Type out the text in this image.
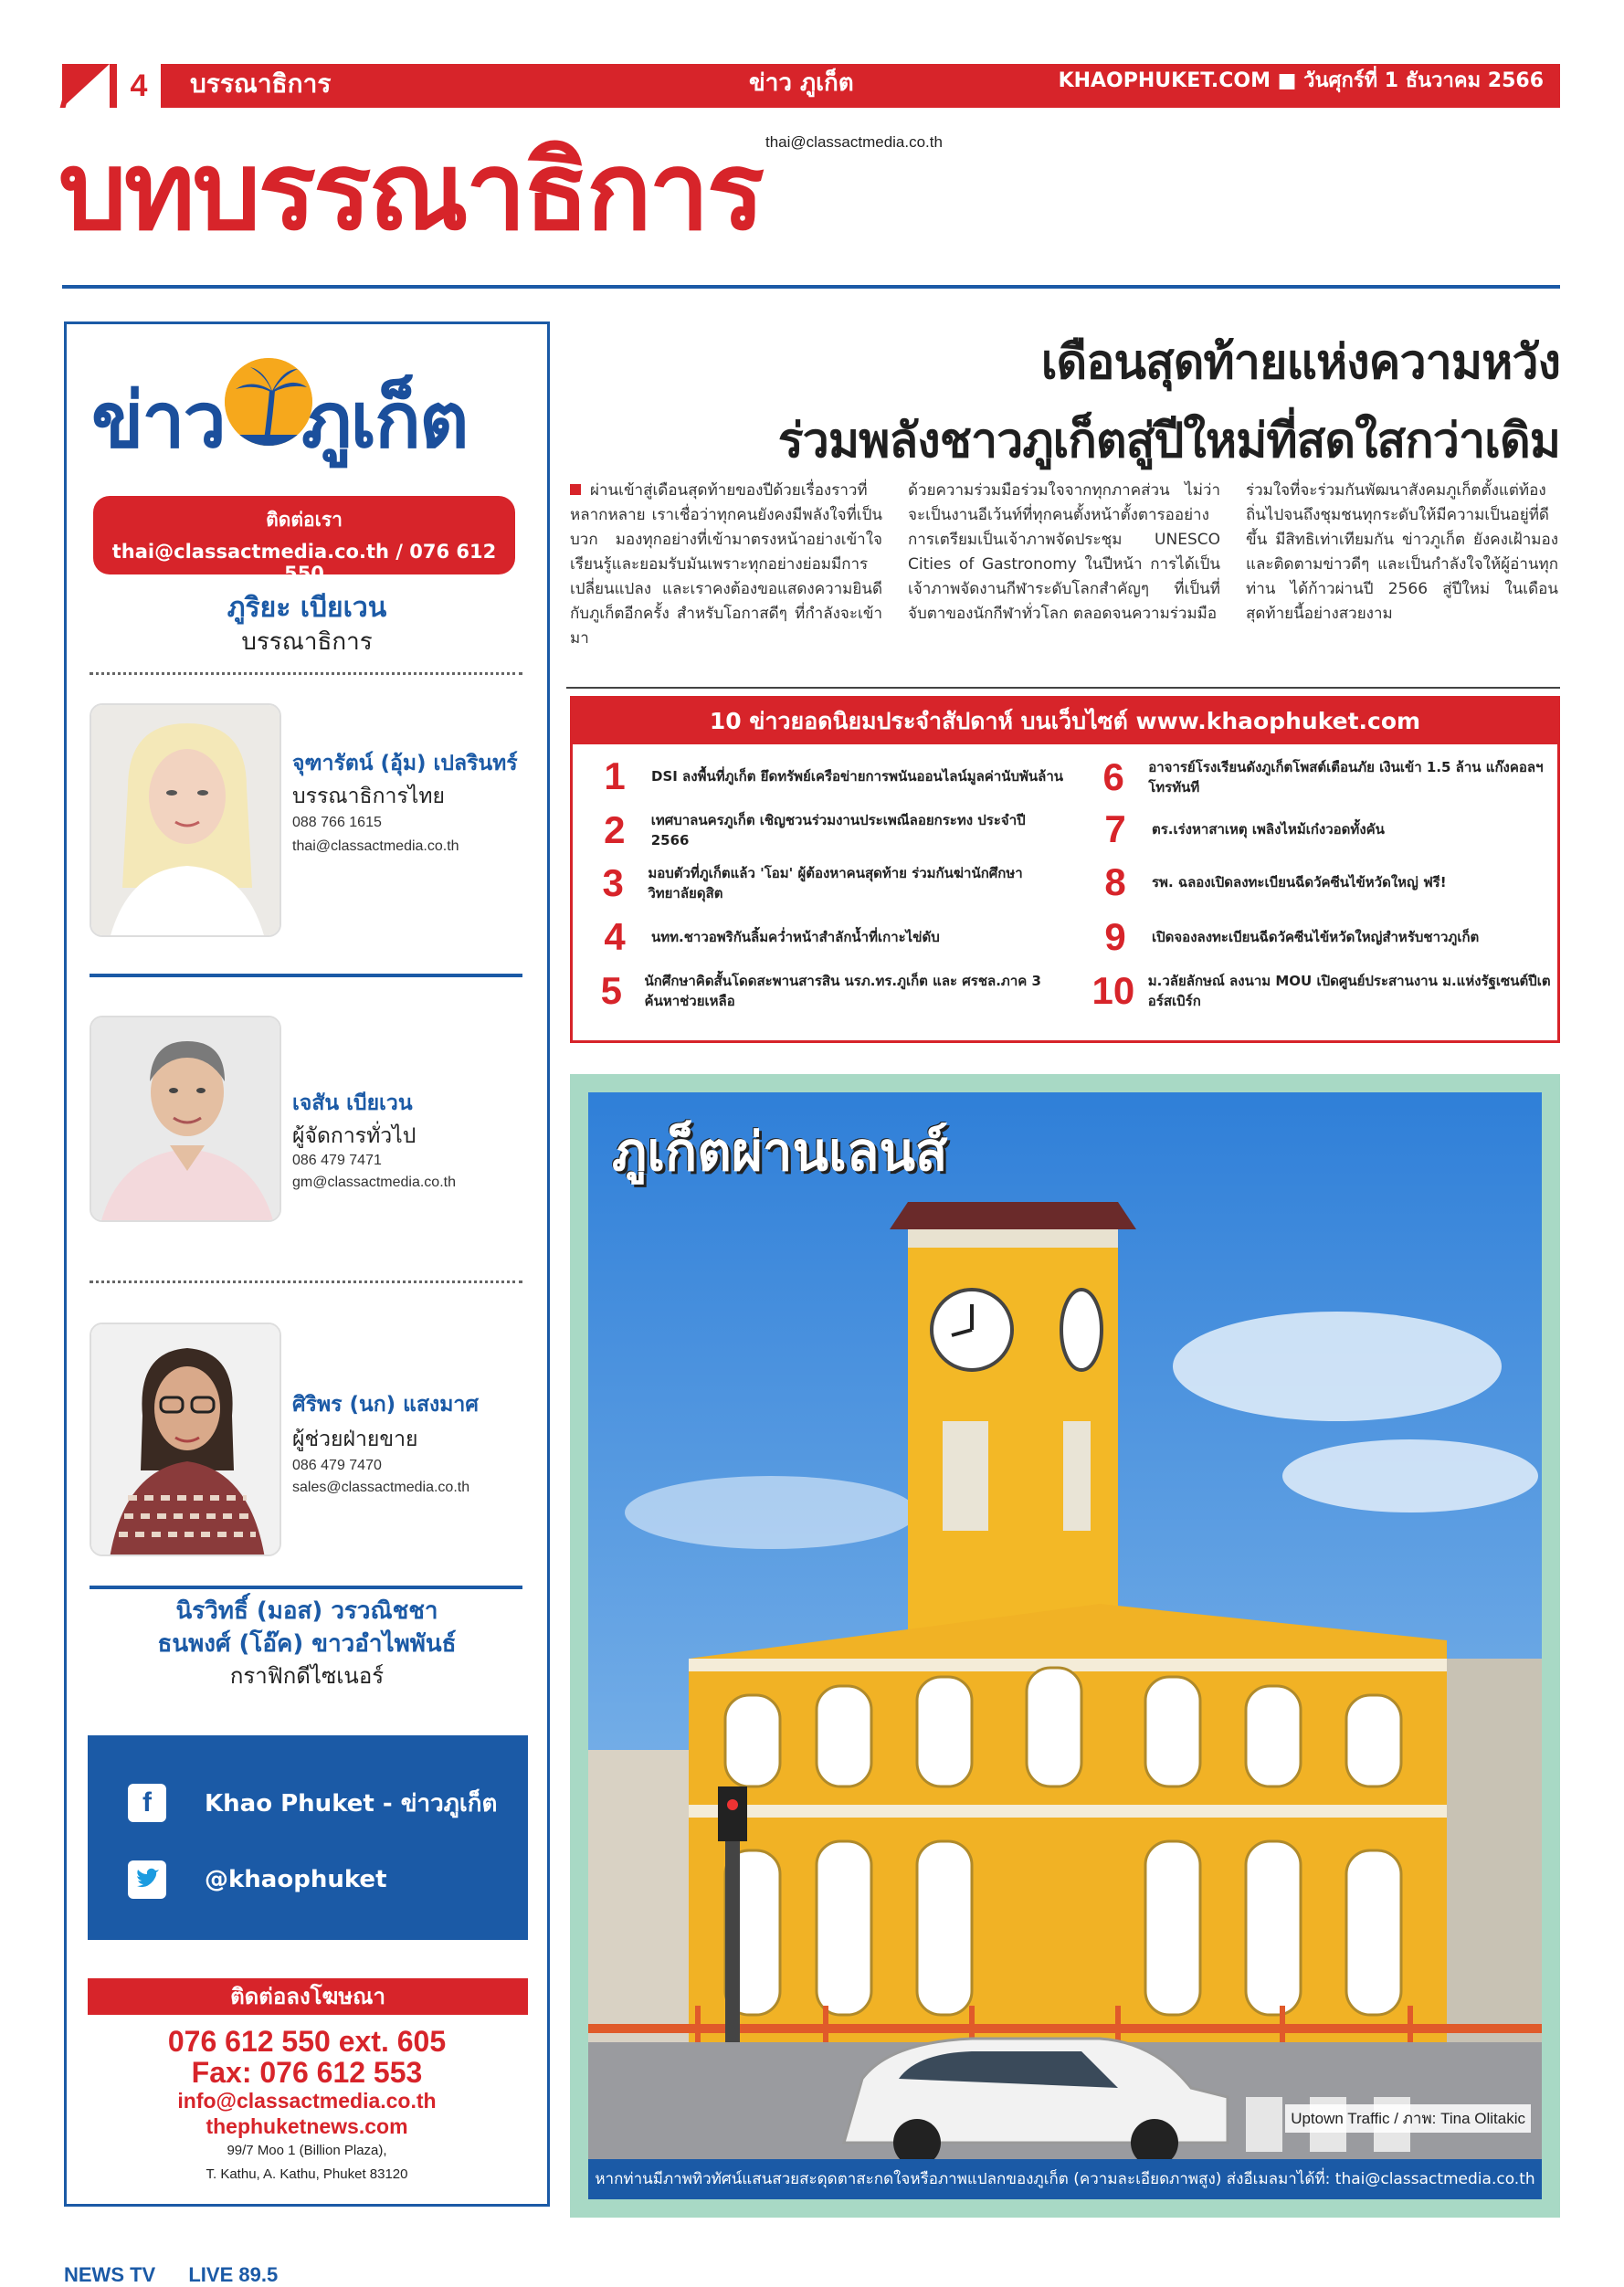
4	บรรณาธิการ	ข่าว ภูเก็ต	KHAOPHUKET.COM ■ วันศุกร์ที่ 1 ธันวาคม 2566
thai@classactmedia.co.th
บทบรรณาธิการ
ข่าว ภูเก็ต
ติดต่อเรา
thai@classactmedia.co.th / 076 612 550
ภูริยะ เบียเวน
บรรณาธิการ
จุฑารัตน์ (อุ้ม) เปลรินทร์
บรรณาธิการไทย
088 766 1615
thai@classactmedia.co.th
เจสัน เบียเวน
ผู้จัดการทั่วไป
086 479 7471
gm@classactmedia.co.th
ศิริพร (นก) แสงมาศ
ผู้ช่วยฝ่ายขาย
086 479 7470
sales@classactmedia.co.th
นิรวิทธิ์ (มอส) วรวณิชชา
ธนพงศ์ (โอ๊ค) ขาวอำไพพันธ์
กราฟิกดีไซเนอร์
f	Khao Phuket - ข่าวภูเก็ต
@khaophuket
ติดต่อลงโฆษณา
076 612 550 ext. 605
Fax: 076 612 553
info@classactmedia.co.th
thephuketnews.com
99/7 Moo 1 (Billion Plaza),
T. Kathu, A. Kathu, Phuket 83120
NEWS TV LIVE 89.5
เดือนสุดท้ายแห่งความหวัง
ร่วมพลังชาวภูเก็ตสู่ปีใหม่ที่สดใสกว่าเดิม
ผ่านเข้าสู่เดือนสุดท้ายของปีด้วยเรื่องราวที่หลากหลาย เราเชื่อว่าทุกคนยังคงมีพลังใจที่เป็นบวก มองทุกอย่างที่เข้ามาตรงหน้าอย่างเข้าใจ เรียนรู้และยอมรับมันเพราะทุกอย่างย่อมมีการเปลี่ยนแปลง และเราคงต้องขอแสดงความยินดีกับภูเก็ตอีกครั้ง สำหรับโอกาสดีๆ ที่กำลังจะเข้ามา
ด้วยความร่วมมือร่วมใจจากทุกภาคส่วน ไม่ว่าจะเป็นงานอีเว้นท์ที่ทุกคนตั้งหน้าตั้งตารออย่าง การเตรียมเป็นเจ้าภาพจัดประชุม UNESCO Cities of Gastronomy ในปีหน้า การได้เป็นเจ้าภาพจัดงานกีฬาระดับโลกสำคัญๆ ที่เป็นที่จับตาของนักกีฬาทั่วโลก ตลอดจนความร่วมมือ
ร่วมใจที่จะร่วมกันพัฒนาสังคมภูเก็ตตั้งแต่ท้องถิ่นไปจนถึงชุมชนทุกระดับให้มีความเป็นอยู่ที่ดีขึ้น มีสิทธิเท่าเทียมกัน ข่าวภูเก็ต ยังคงเฝ้ามองและติดตามข่าวดีๆ และเป็นกำลังใจให้ผู้อ่านทุกท่าน ได้ก้าวผ่านปี 2566 สู่ปีใหม่ ในเดือนสุดท้ายนี้อย่างสวยงาม
10 ข่าวยอดนิยมประจำสัปดาห์ บนเว็บไซต์ www.khaophuket.com
1	DSI ลงพื้นที่ภูเก็ต ยึดทรัพย์เครือข่ายการพนันออนไลน์มูลค่านับพันล้าน
2	เทศบาลนครภูเก็ต เชิญชวนร่วมงานประเพณีลอยกระทง ประจำปี 2566
3	มอบตัวที่ภูเก็ตแล้ว 'โอม' ผู้ต้องหาคนสุดท้าย ร่วมกันฆ่านักศึกษาวิทยาลัยดุสิต
4	นทท.ชาวอพริกันลิ้มคว่ำหน้าสำลักน้ำที่เกาะไข่ดับ
5	นักศึกษาคิดสั้นโดดสะพานสารสิน นรภ.ทร.ภูเก็ต และ ศรชล.ภาค 3 ค้นหาช่วยเหลือ
6	อาจารย์โรงเรียนดังภูเก็ตโพสต์เตือนภัย เงินเข้า 1.5 ล้าน แก๊งคอลฯ โทรทันที
7	ตร.เร่งหาสาเหตุ เพลิงไหม้เก๋งวอดทั้งคัน
8	รพ. ฉลองเปิดลงทะเบียนฉีดวัคซีนไข้หวัดใหญ่ ฟรี!
9	เปิดจองลงทะเบียนฉีดวัคซีนไข้หวัดใหญ่สำหรับชาวภูเก็ต
10 ม.วลัยลักษณ์ ลงนาม MOU เปิดศูนย์ประสานงาน ม.แห่งรัฐเซนต์ปีเตอร์สเบิร์ก
ภูเก็ตผ่านเลนส์
Uptown Traffic / ภาพ: Tina Olitakic
หากท่านมีภาพทิวทัศน์แสนสวยสะดุดตาสะกดใจหรือภาพแปลกของภูเก็ต (ความละเอียดภาพสูง) ส่งอีเมลมาได้ที่: thai@classactmedia.co.th
